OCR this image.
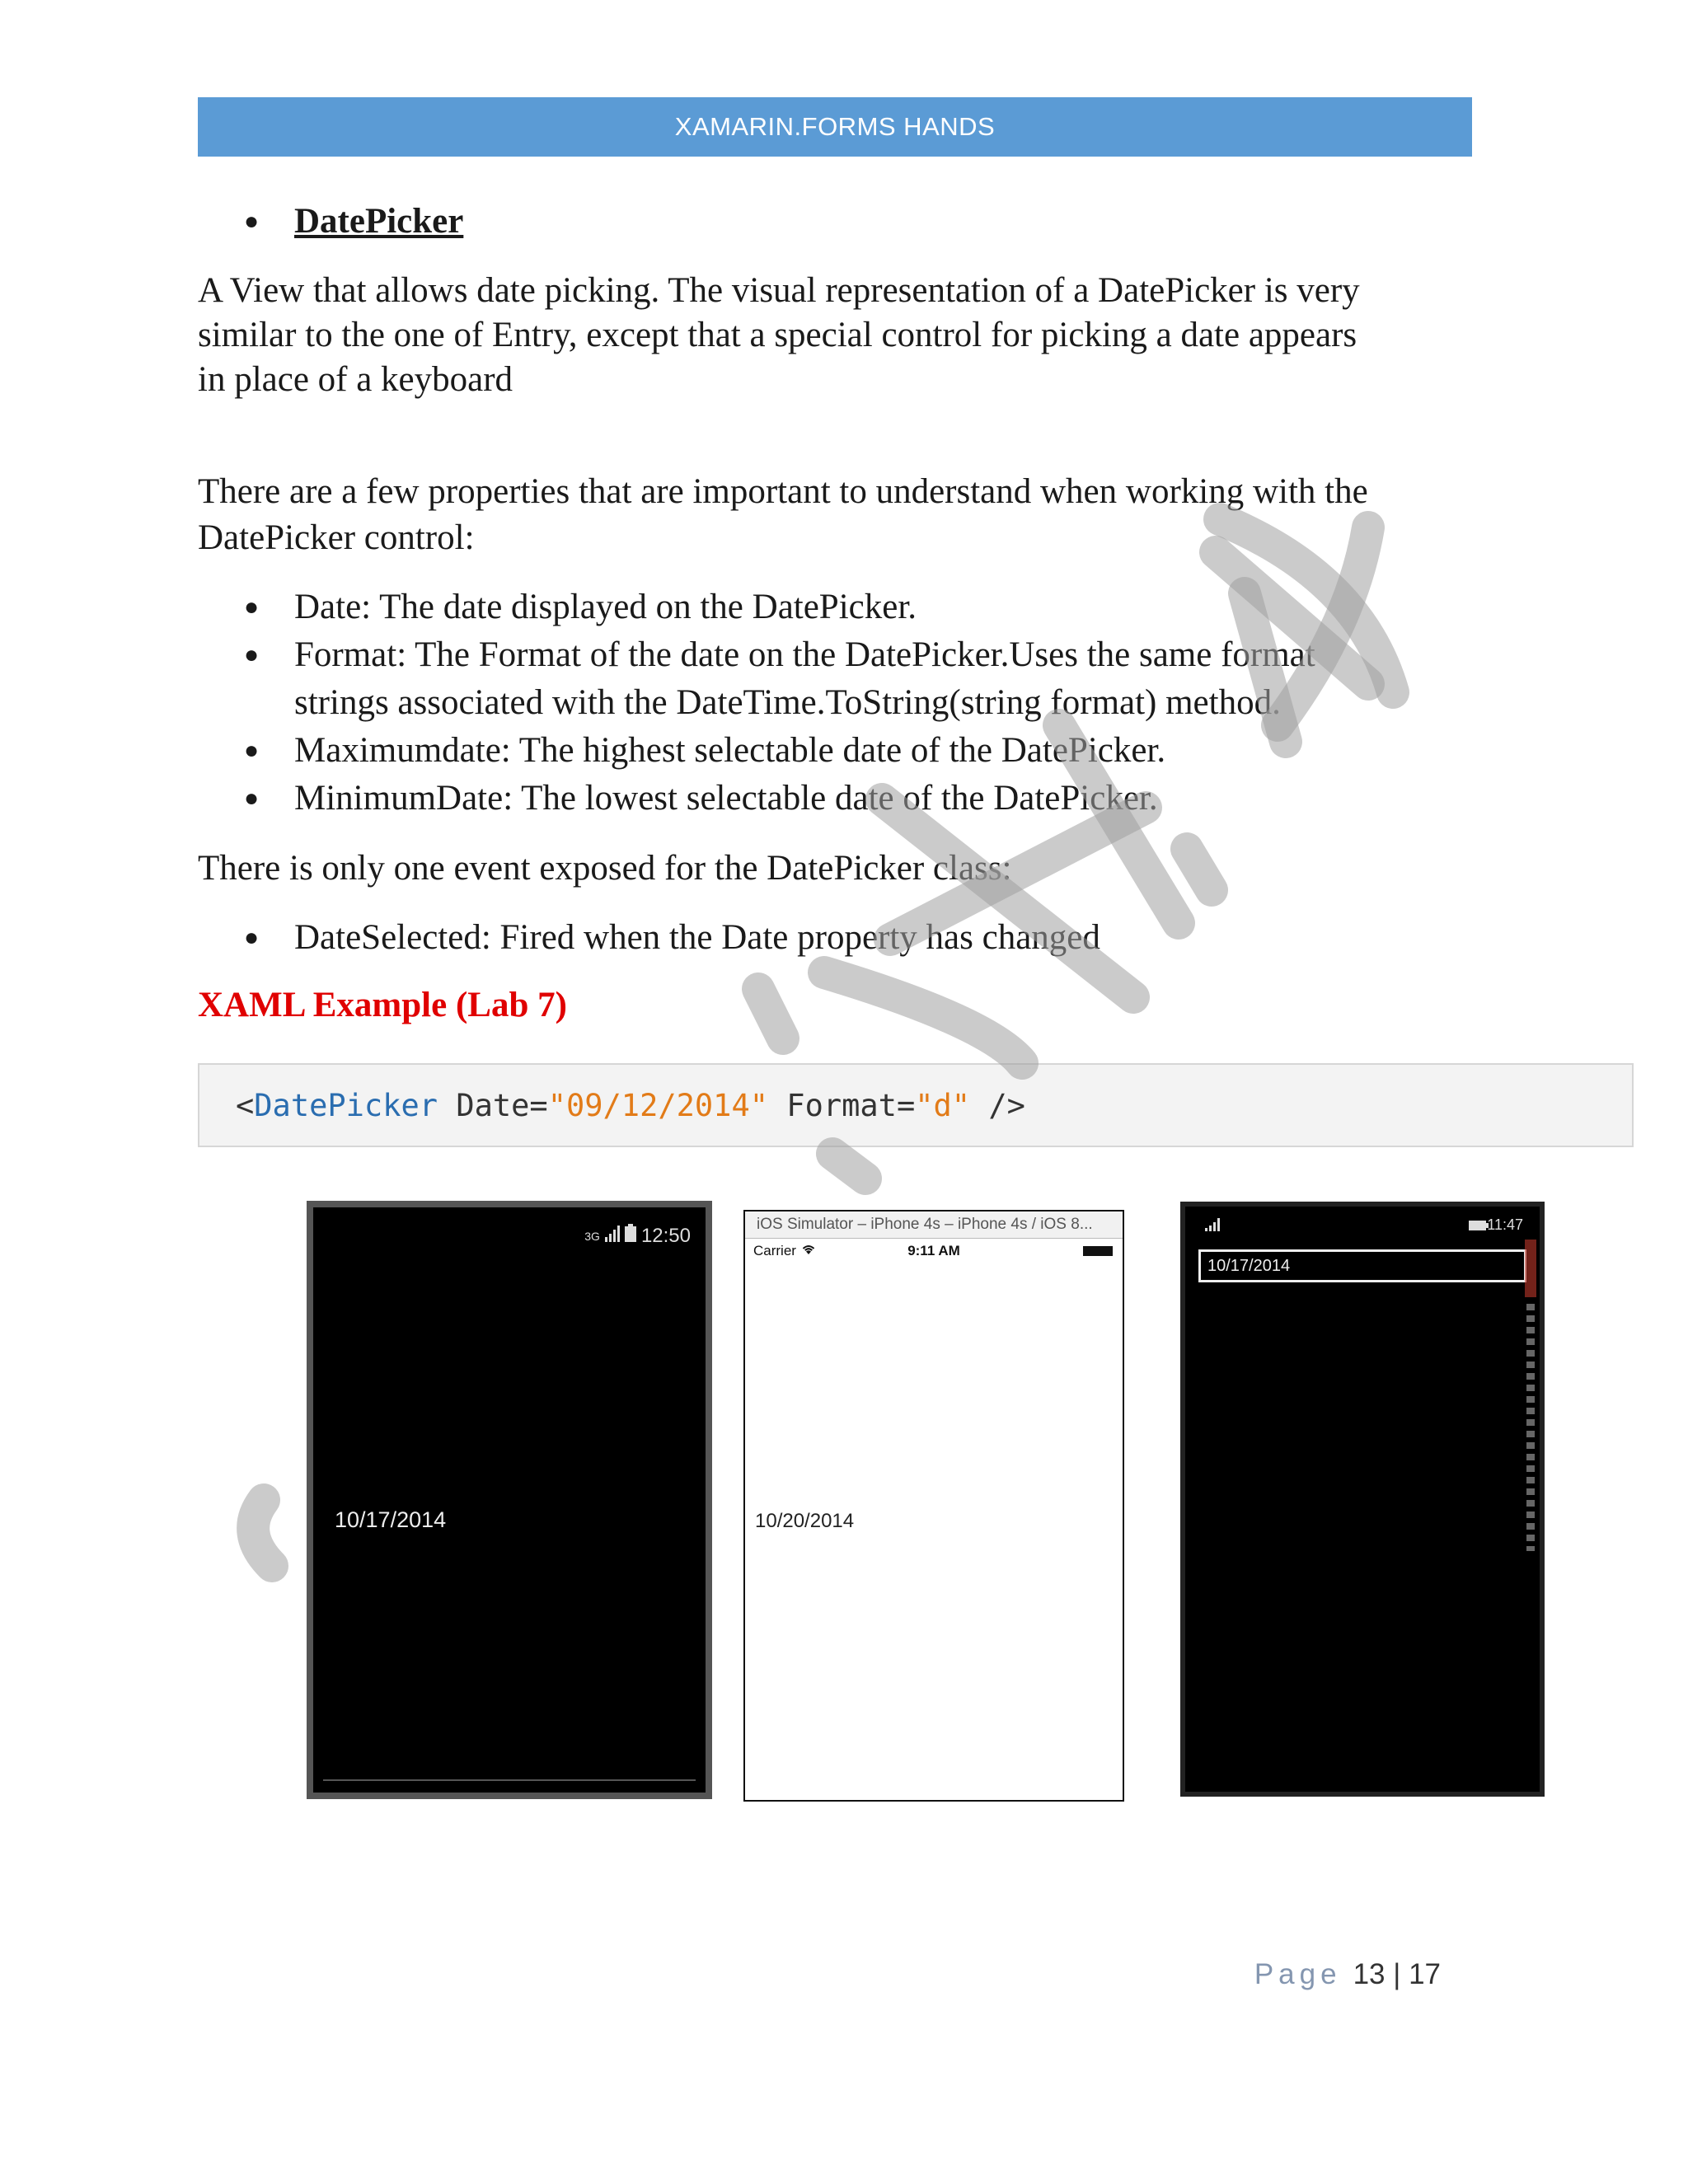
XAMARIN.FORMS HANDS
● DatePicker
A View that allows date picking. The visual representation of a DatePicker is very
similar to the one of Entry, except that a special control for picking a date appears
in place of a keyboard
There are a few properties that are important to understand when working with the
DatePicker control:
● Date: The date displayed on the DatePicker.
● Format: The Format of the date on the DatePicker.Uses the same format
strings associated with the DateTime.ToString(string format) method.
● Maximumdate: The highest selectable date of the DatePicker.
● MinimumDate: The lowest selectable date of the DatePicker.
There is only one event exposed for the DatePicker class:
● DateSelected: Fired when the Date property has changed
XAML Example (Lab 7)
< DatePicker Date= "09/12/2014" Format= "d" />
3G 12:50
10/17/2014
iOS Simulator – iPhone 4s – iPhone 4s / iOS 8...
Carrier	9:11 AM
10/20/2014
11:47
10/17/2014
Page 13 | 17
